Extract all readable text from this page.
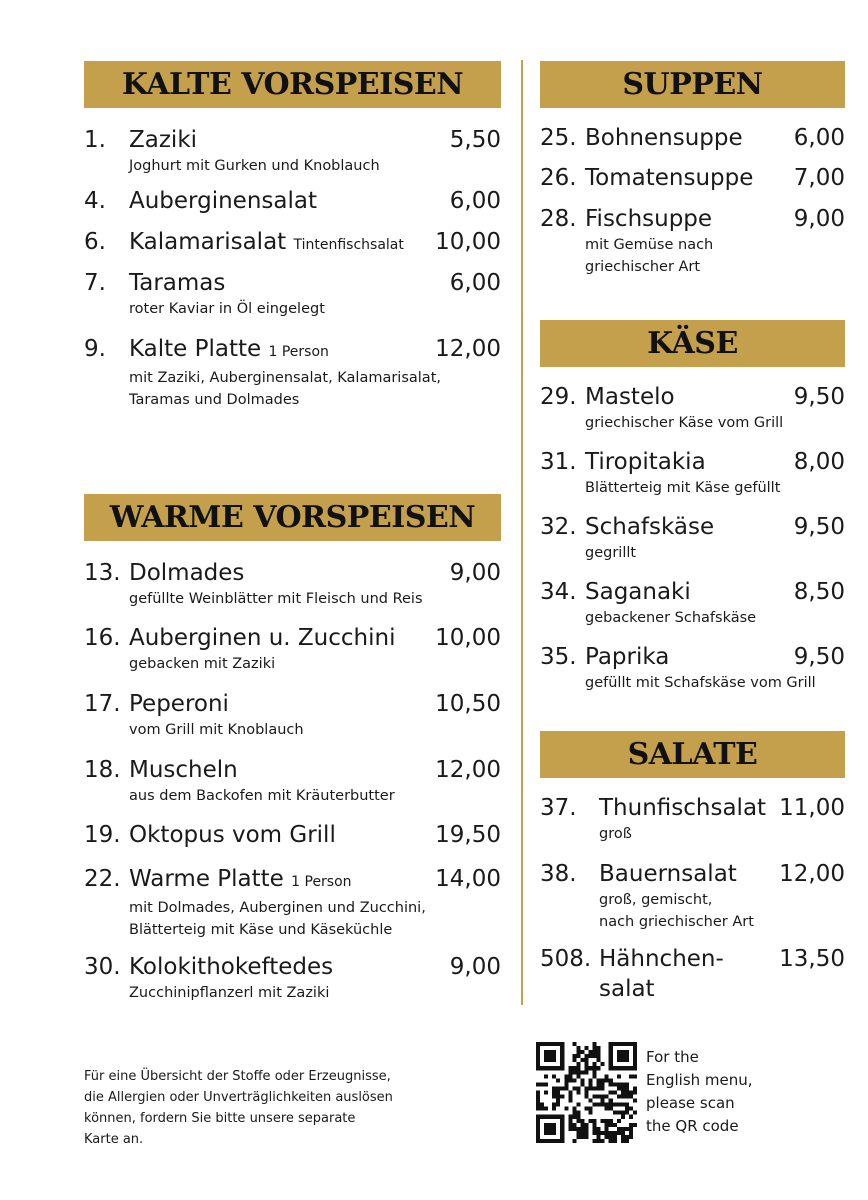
KALTE VORSPEISEN
1.	Zaziki	5,50
Joghurt mit Gurken und Knoblauch
4.	Auberginensalat	6,00
6.	Kalamarisalat Tintenfischsalat	10,00
7.	Taramas	6,00
roter Kaviar in Öl eingelegt
9.	Kalte Platte 1 Person	12,00
mit Zaziki, Auberginensalat, Kalamarisalat,
Taramas und Dolmades
WARME VORSPEISEN
13. Dolmades	9,00
gefüllte Weinblätter mit Fleisch und Reis
16. Auberginen u. Zucchini	10,00
gebacken mit Zaziki
17. Peperoni	10,50
vom Grill mit Knoblauch
18. Muscheln	12,00
aus dem Backofen mit Kräuterbutter
19. Oktopus vom Grill	19,50
22. Warme Platte 1 Person	14,00
mit Dolmades, Auberginen und Zucchini,
Blätterteig mit Käse und Käseküchle
30. Kolokithokeftedes	9,00
Zucchinipflanzerl mit Zaziki
SUPPEN
25. Bohnensuppe	6,00
26. Tomatensuppe	7,00
28. Fischsuppe	9,00
mit Gemüse nach
griechischer Art
KÄSE
29. Mastelo	9,50
griechischer Käse vom Grill
31. Tiropitakia	8,00
Blätterteig mit Käse gefüllt
32. Schafskäse	9,50
gegrillt
34. Saganaki	8,50
gebackener Schafskäse
35. Paprika	9,50
gefüllt mit Schafskäse vom Grill
SALATE
37. Thunfischsalat 11,00
groß
38. Bauernsalat	12,00
groß, gemischt,
nach griechischer Art
508. Hähnchen-	13,50
salat
Für eine Übersicht der Stoffe oder Erzeugnisse,
die Allergien oder Unverträglichkeiten auslösen
können, fordern Sie bitte unsere separate
Karte an.
For the
English menu,
please scan
the QR code
